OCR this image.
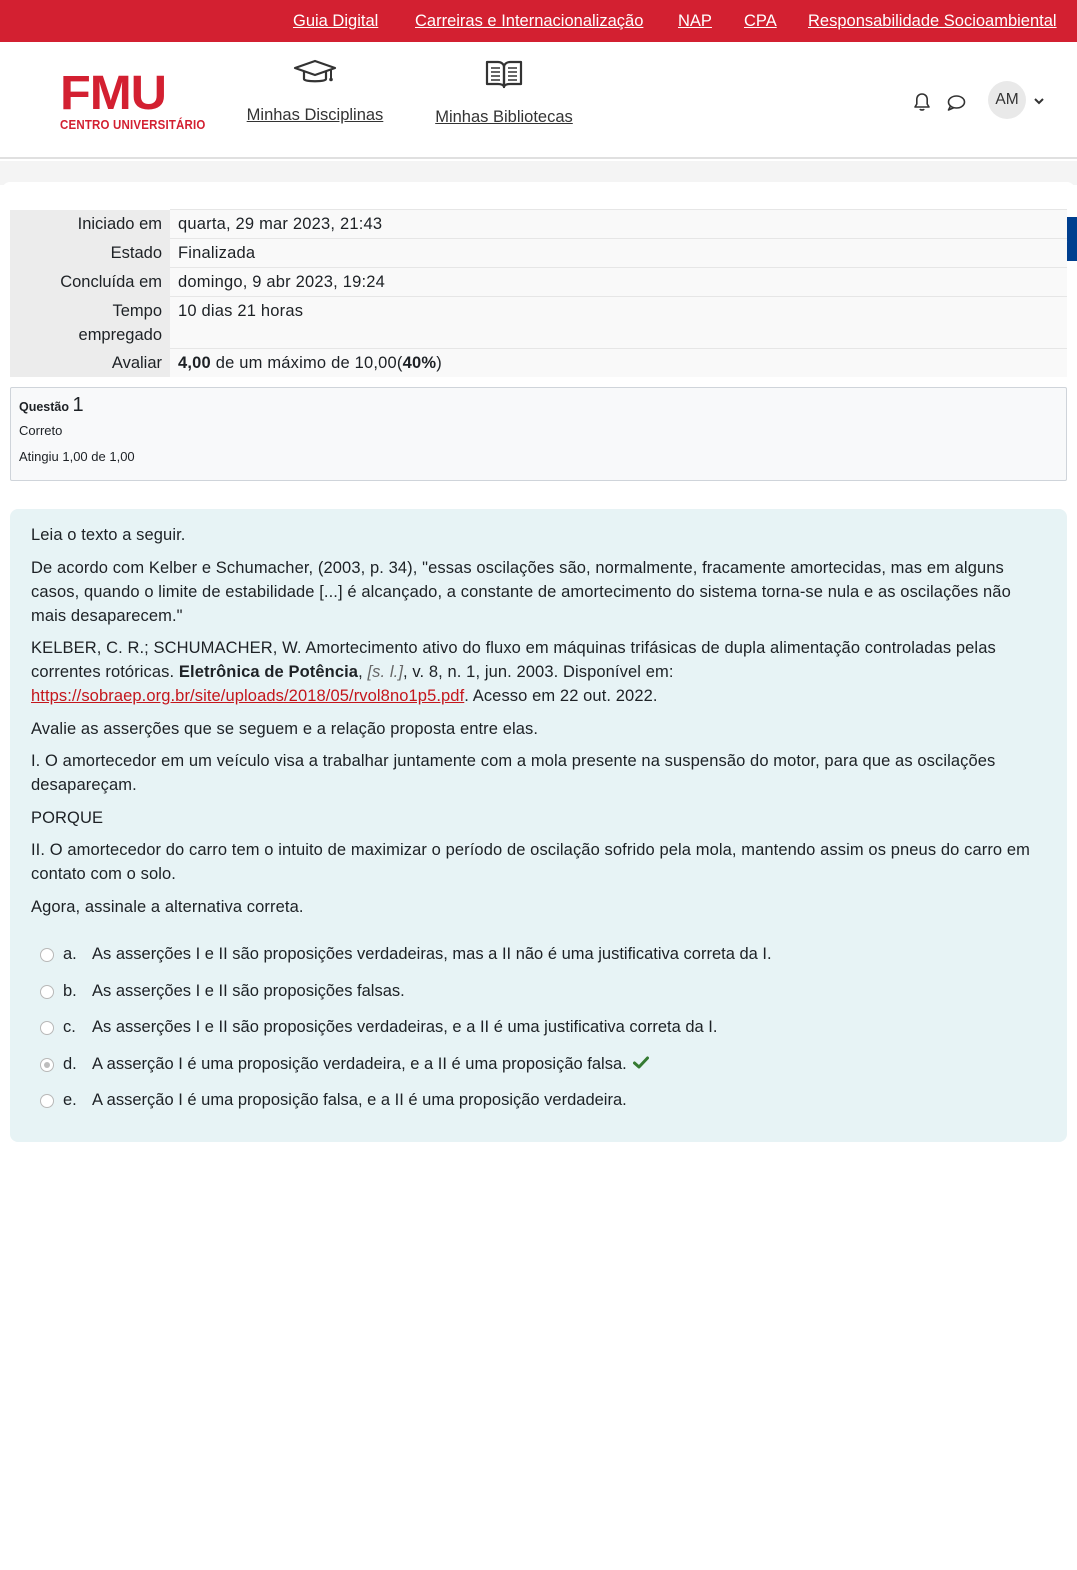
Guia Digital Carreiras e Internacionalização NAP CPA Responsabilidade Socioambiental
FMU
CENTRO UNIVERSITÁRIO
Minhas Disciplinas	Minhas Bibliotecas
AM
Iniciado em	quarta, 29 mar 2023, 21:43
Estado	Finalizada
Concluída em	domingo, 9 abr 2023, 19:24
Tempo empregado	10 dias 21 horas
Avaliar	4,00 de um máximo de 10,00(40%)
Questão 1
Correto
Atingiu 1,00 de 1,00

Leia o texto a seguir.

De acordo com Kelber e Schumacher, (2003, p. 34), "essas oscilações são, normalmente, fracamente amortecidas, mas em alguns casos, quando o limite de estabilidade [...] é alcançado, a constante de amortecimento do sistema torna-se nula e as oscilações não mais desaparecem."

KELBER, C. R.; SCHUMACHER, W. Amortecimento ativo do fluxo em máquinas trifásicas de dupla alimentação controladas pelas correntes rotóricas. Eletrônica de Potência, [s. l.], v. 8, n. 1, jun. 2003. Disponível em: https://sobraep.org.br/site/uploads/2018/05/rvol8no1p5.pdf. Acesso em 22 out. 2022.

Avalie as asserções que se seguem e a relação proposta entre elas.

I. O amortecedor em um veículo visa a trabalhar juntamente com a mola presente na suspensão do motor, para que as oscilações desapareçam.

PORQUE

II. O amortecedor do carro tem o intuito de maximizar o período de oscilação sofrido pela mola, mantendo assim os pneus do carro em contato com o solo.

Agora, assinale a alternativa correta.

a. As asserções I e II são proposições verdadeiras, mas a II não é uma justificativa correta da I.
b. As asserções I e II são proposições falsas.
c. As asserções I e II são proposições verdadeiras, e a II é uma justificativa correta da I.
d. A asserção I é uma proposição verdadeira, e a II é uma proposição falsa.
e. A asserção I é uma proposição falsa, e a II é uma proposição verdadeira.
